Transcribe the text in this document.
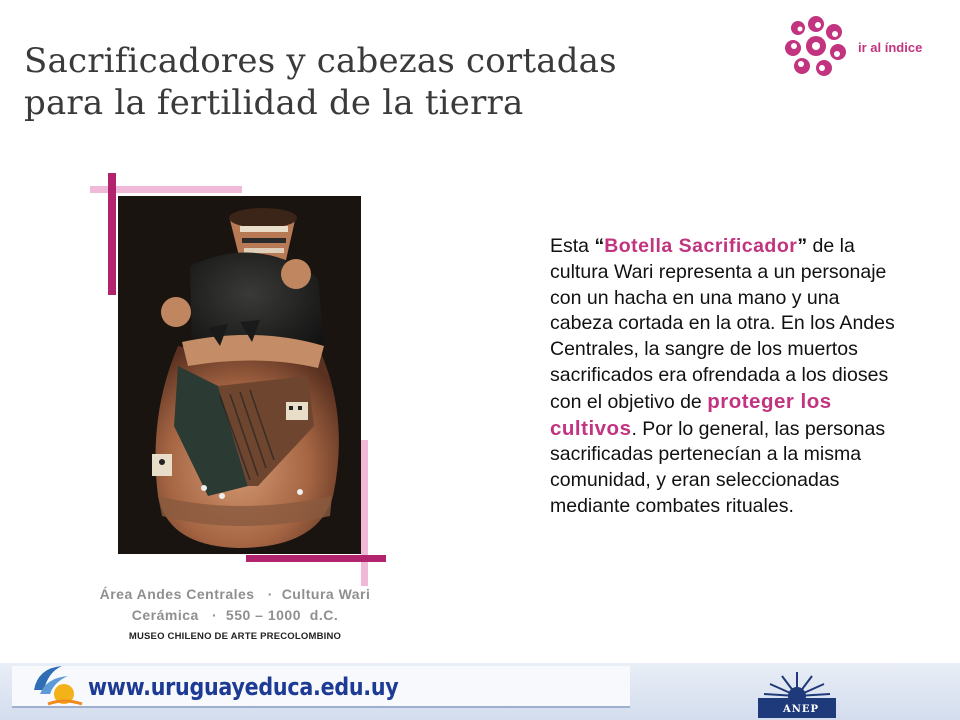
Sacrificadores y cabezas cortadas
para la fertilidad de la tierra
ir al índice
Área Andes Centrales   ·  Cultura Wari
Cerámica   ·  550 – 1000  d.C.
MUSEO CHILENO DE ARTE PRECOLOMBINO
Esta “Botella Sacrificador” de la cultura Wari representa a un personaje con un hacha en una mano y una cabeza cortada en la otra. En los Andes Centrales, la sangre de los muertos sacrificados era ofrendada a los dioses con el objetivo de proteger los cultivos. Por lo general, las personas sacrificadas pertenecían a la misma comunidad, y eran seleccionadas mediante combates rituales.
www.uruguayeduca.edu.uy
ANEP
